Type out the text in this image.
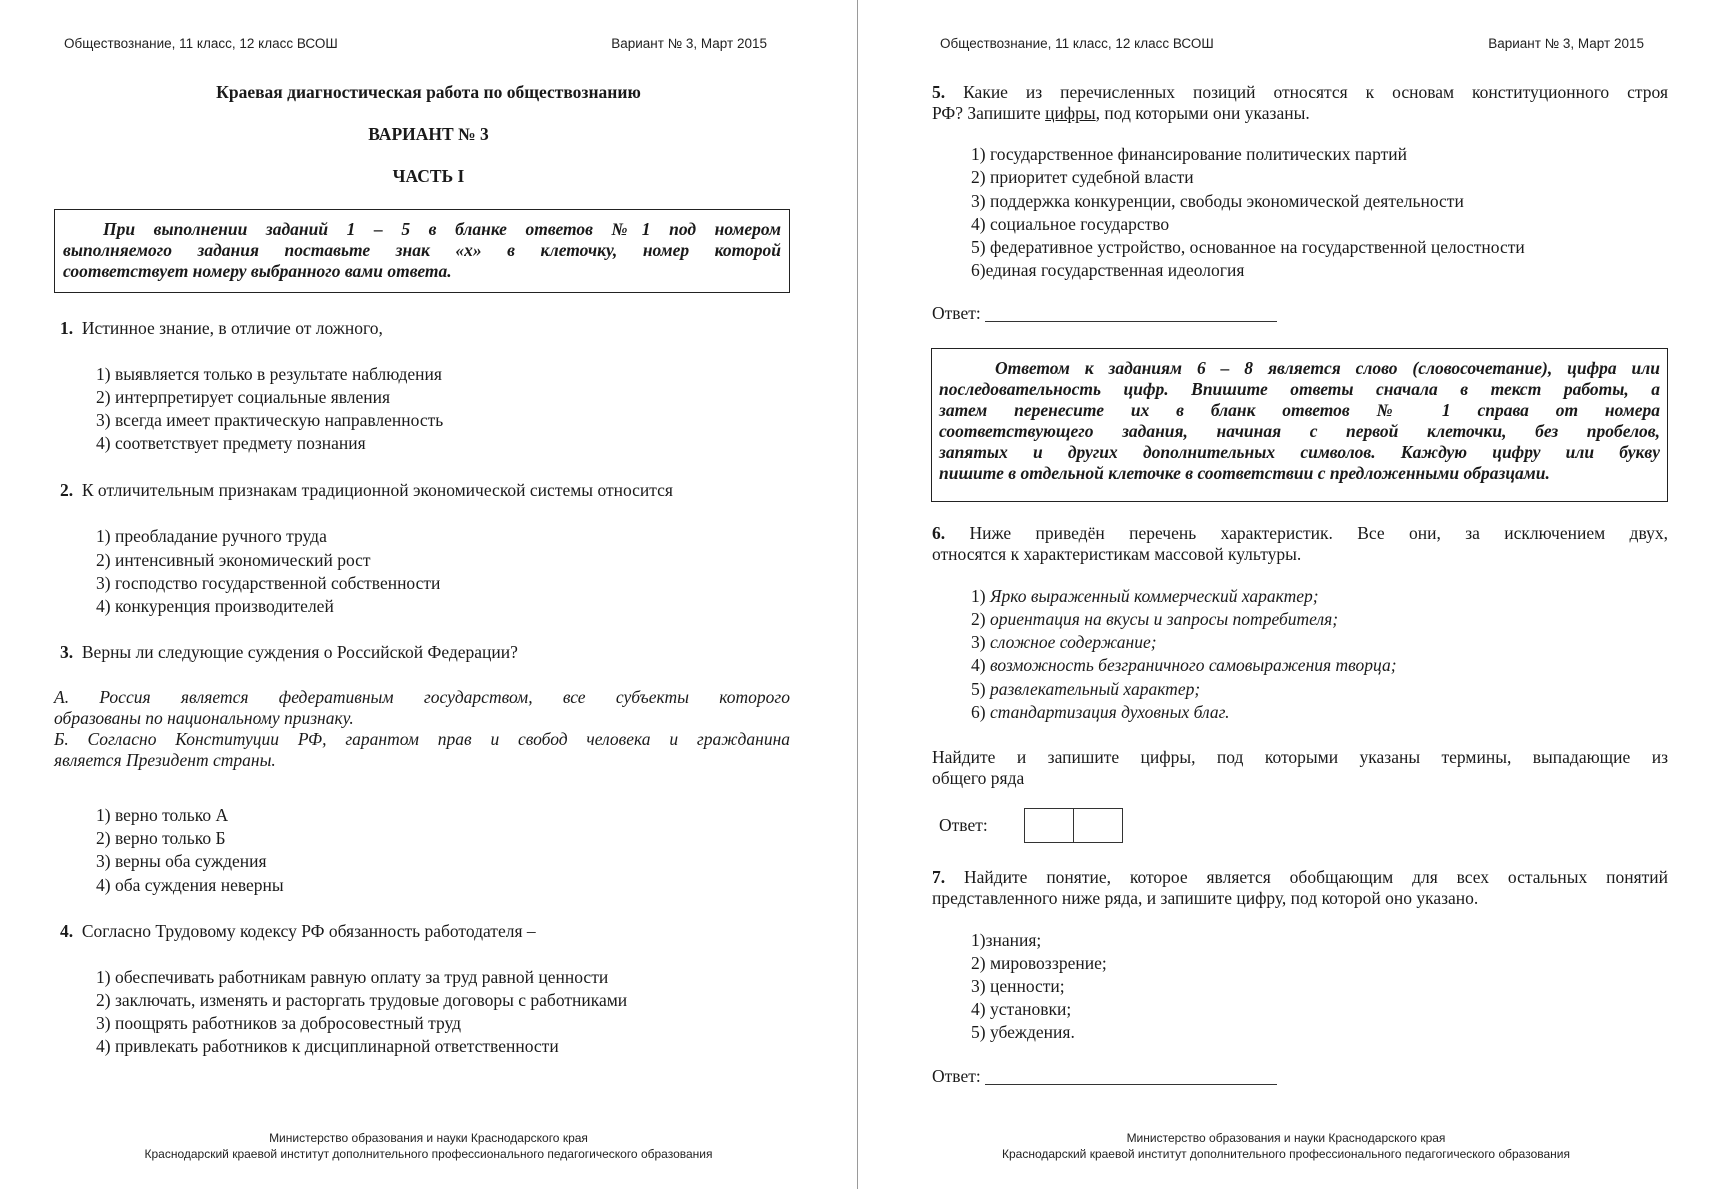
Обществознание, 11 класс, 12 класс ВСОШ	Вариант № 3, Март 2015
Краевая диагностическая работа по обществознанию
ВАРИАНТ № 3
ЧАСТЬ I
При выполнении заданий 1 – 5 в бланке ответов №1 под номером
выполняемого задания поставьте знак «x» в клеточку, номер которой
соответствует номеру выбранного вами ответа.
1. Истинное знание, в отличие от ложного,
1) выявляется только в результате наблюдения
2) интерпретирует социальные явления
3) всегда имеет практическую направленность
4) соответствует предмету познания
2. К отличительным признакам традиционной экономической системы относится
1) преобладание ручного труда
2) интенсивный экономический рост
3) господство государственной собственности
4) конкуренция производителей
3. Верны ли следующие суждения о Российской Федерации?
А. Россия является федеративным государством, все субъекты которого
образованы по национальному признаку.
Б. Согласно Конституции РФ, гарантом прав и свобод человека и гражданина
является Президент страны.
1) верно только А
2) верно только Б
3) верны оба суждения
4) оба суждения неверны
4. Согласно Трудовому кодексу РФ обязанность работодателя –
1) обеспечивать работникам равную оплату за труд равной ценности
2) заключать, изменять и расторгать трудовые договоры с работниками
3) поощрять работников за добросовестный труд
4) привлекать работников к дисциплинарной ответственности
Министерство образования и науки Краснодарского края
Краснодарский краевой институт дополнительного профессионального педагогического образования
Обществознание, 11 класс, 12 класс ВСОШ	Вариант № 3, Март 2015
5. Какие из перечисленных позиций относятся к основам конституционного строя
РФ? Запишите цифры, под которыми они указаны.
1) государственное финансирование политических партий
2) приоритет судебной власти
3) поддержка конкуренции, свободы экономической деятельности
4) социальное государство
5) федеративное устройство, основанное на государственной целостности
6)единая государственная идеология
Ответ:
Ответом к заданиям 6 – 8 является слово (словосочетание), цифра или
последовательность цифр. Впишите ответы сначала в текст работы, а
затем перенесите их в бланк ответов № 1 справа от номера
соответствующего задания, начиная с первой клеточки, без пробелов,
запятых и других дополнительных символов. Каждую цифру или букву
пишите в отдельной клеточке в соответствии с предложенными образцами.
6. Ниже приведён перечень характеристик. Все они, за исключением двух,
относятся к характеристикам массовой культуры.
1) Ярко выраженный коммерческий характер;
2) ориентация на вкусы и запросы потребителя;
3) сложное содержание;
4) возможность безграничного самовыражения творца;
5) развлекательный характер;
6) стандартизация духовных благ.
Найдите и запишите цифры, под которыми указаны термины, выпадающие из
общего ряда
Ответ:
7. Найдите понятие, которое является обобщающим для всех остальных понятий
представленного ниже ряда, и запишите цифру, под которой оно указано.
1)знания;
2) мировоззрение;
3) ценности;
4) установки;
5) убеждения.
Ответ:
Министерство образования и науки Краснодарского края
Краснодарский краевой институт дополнительного профессионального педагогического образования
